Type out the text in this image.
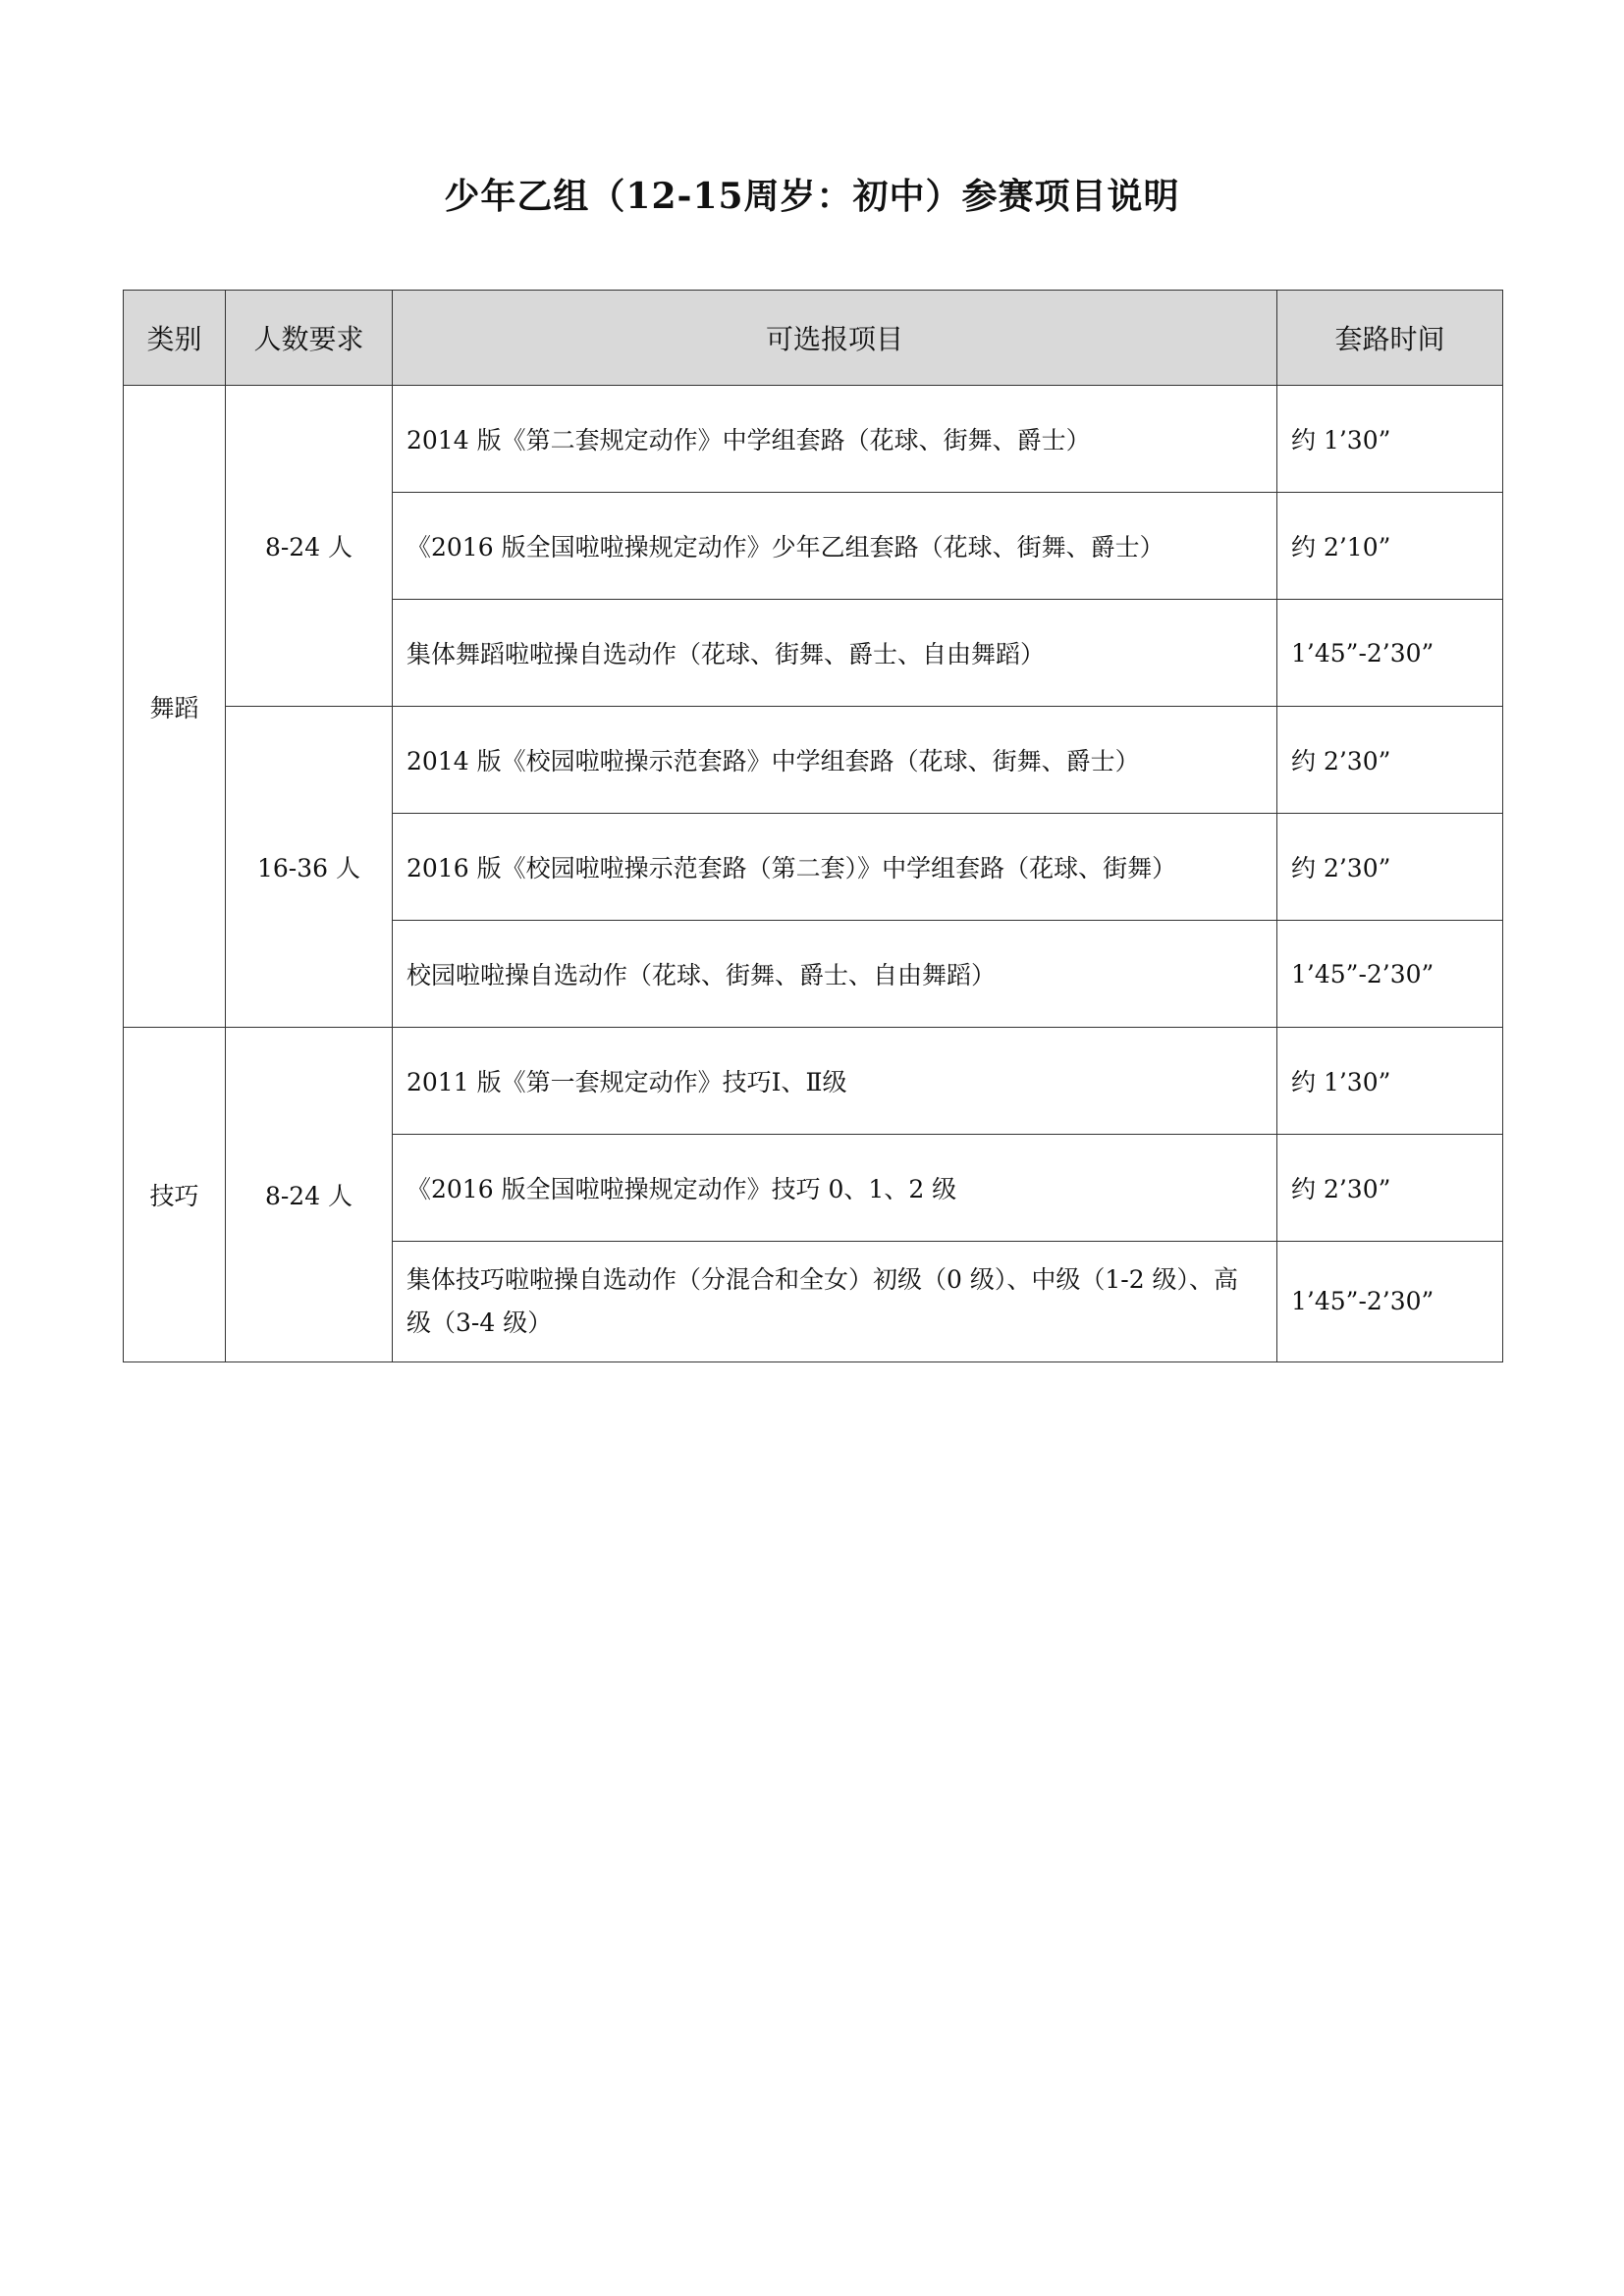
少年乙组（12-15周岁：初中）参赛项目说明
类别	人数要求	可选报项目	套路时间
舞蹈	8-24 人	2014 版《第二套规定动作》中学组套路（花球、街舞、爵士）	约 1’30”
		《2016 版全国啦啦操规定动作》少年乙组套路（花球、街舞、爵士）	约 2’10”
		集体舞蹈啦啦操自选动作（花球、街舞、爵士、自由舞蹈）	1’45”-2’30”
	16-36 人	2014 版《校园啦啦操示范套路》中学组套路（花球、街舞、爵士）	约 2’30”
		2016 版《校园啦啦操示范套路（第二套）》中学组套路（花球、街舞）	约 2’30”
		校园啦啦操自选动作（花球、街舞、爵士、自由舞蹈）	1’45”-2’30”
技巧	8-24 人	2011 版《第一套规定动作》技巧Ⅰ、Ⅱ级	约 1’30”
		《2016 版全国啦啦操规定动作》技巧 0、1、2 级	约 2’30”
		集体技巧啦啦操自选动作（分混合和全女）初级（0 级）、中级（1-2 级）、高级（3-4 级）	1’45”-2’30”
